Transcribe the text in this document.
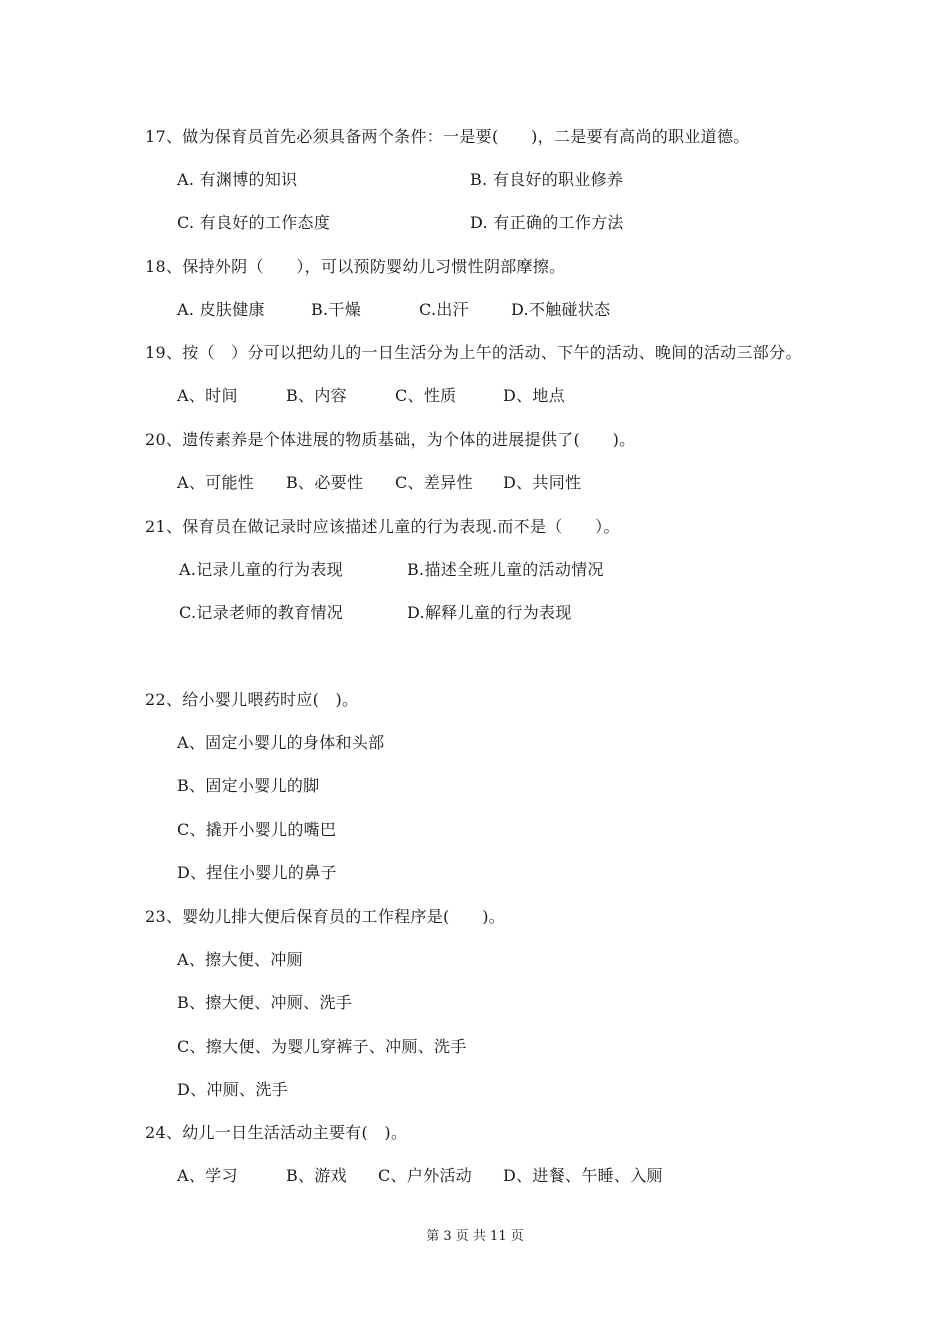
17、做为保育员首先必须具备两个条件：一是要(　　)，二是要有高尚的职业道德。
A. 有渊博的知识	B. 有良好的职业修养
C. 有良好的工作态度	D. 有正确的工作方法
18、保持外阴（　　），可以预防婴幼儿习惯性阴部摩擦。
A. 皮肤健康	B.干燥	C.出汗	D.不触碰状态
19、按（　）分可以把幼儿的一日生活分为上午的活动、下午的活动、晚间的活动三部分。
A、时间	B、内容	C、性质	D、地点
20、遗传素养是个体进展的物质基础，为个体的进展提供了(　　)。
A、可能性 B、必要性 C、差异性 D、共同性
21、保育员在做记录时应该描述儿童的行为表现.而不是（　　）。
A.记录儿童的行为表现	B.描述全班儿童的活动情况
C.记录老师的教育情况	D.解释儿童的行为表现
22、给小婴儿喂药时应(　)。
A、固定小婴儿的身体和头部
B、固定小婴儿的脚
C、撬开小婴儿的嘴巴
D、捏住小婴儿的鼻子
23、婴幼儿排大便后保育员的工作程序是(　　)。
A、擦大便、冲厕
B、擦大便、冲厕、洗手
C、擦大便、为婴儿穿裤子、冲厕、洗手
D、冲厕、洗手
24、幼儿一日生活活动主要有(　)。
A、学习	B、游戏 C、户外活动 D、进餐、午睡、入厕
第 3 页 共 11 页
